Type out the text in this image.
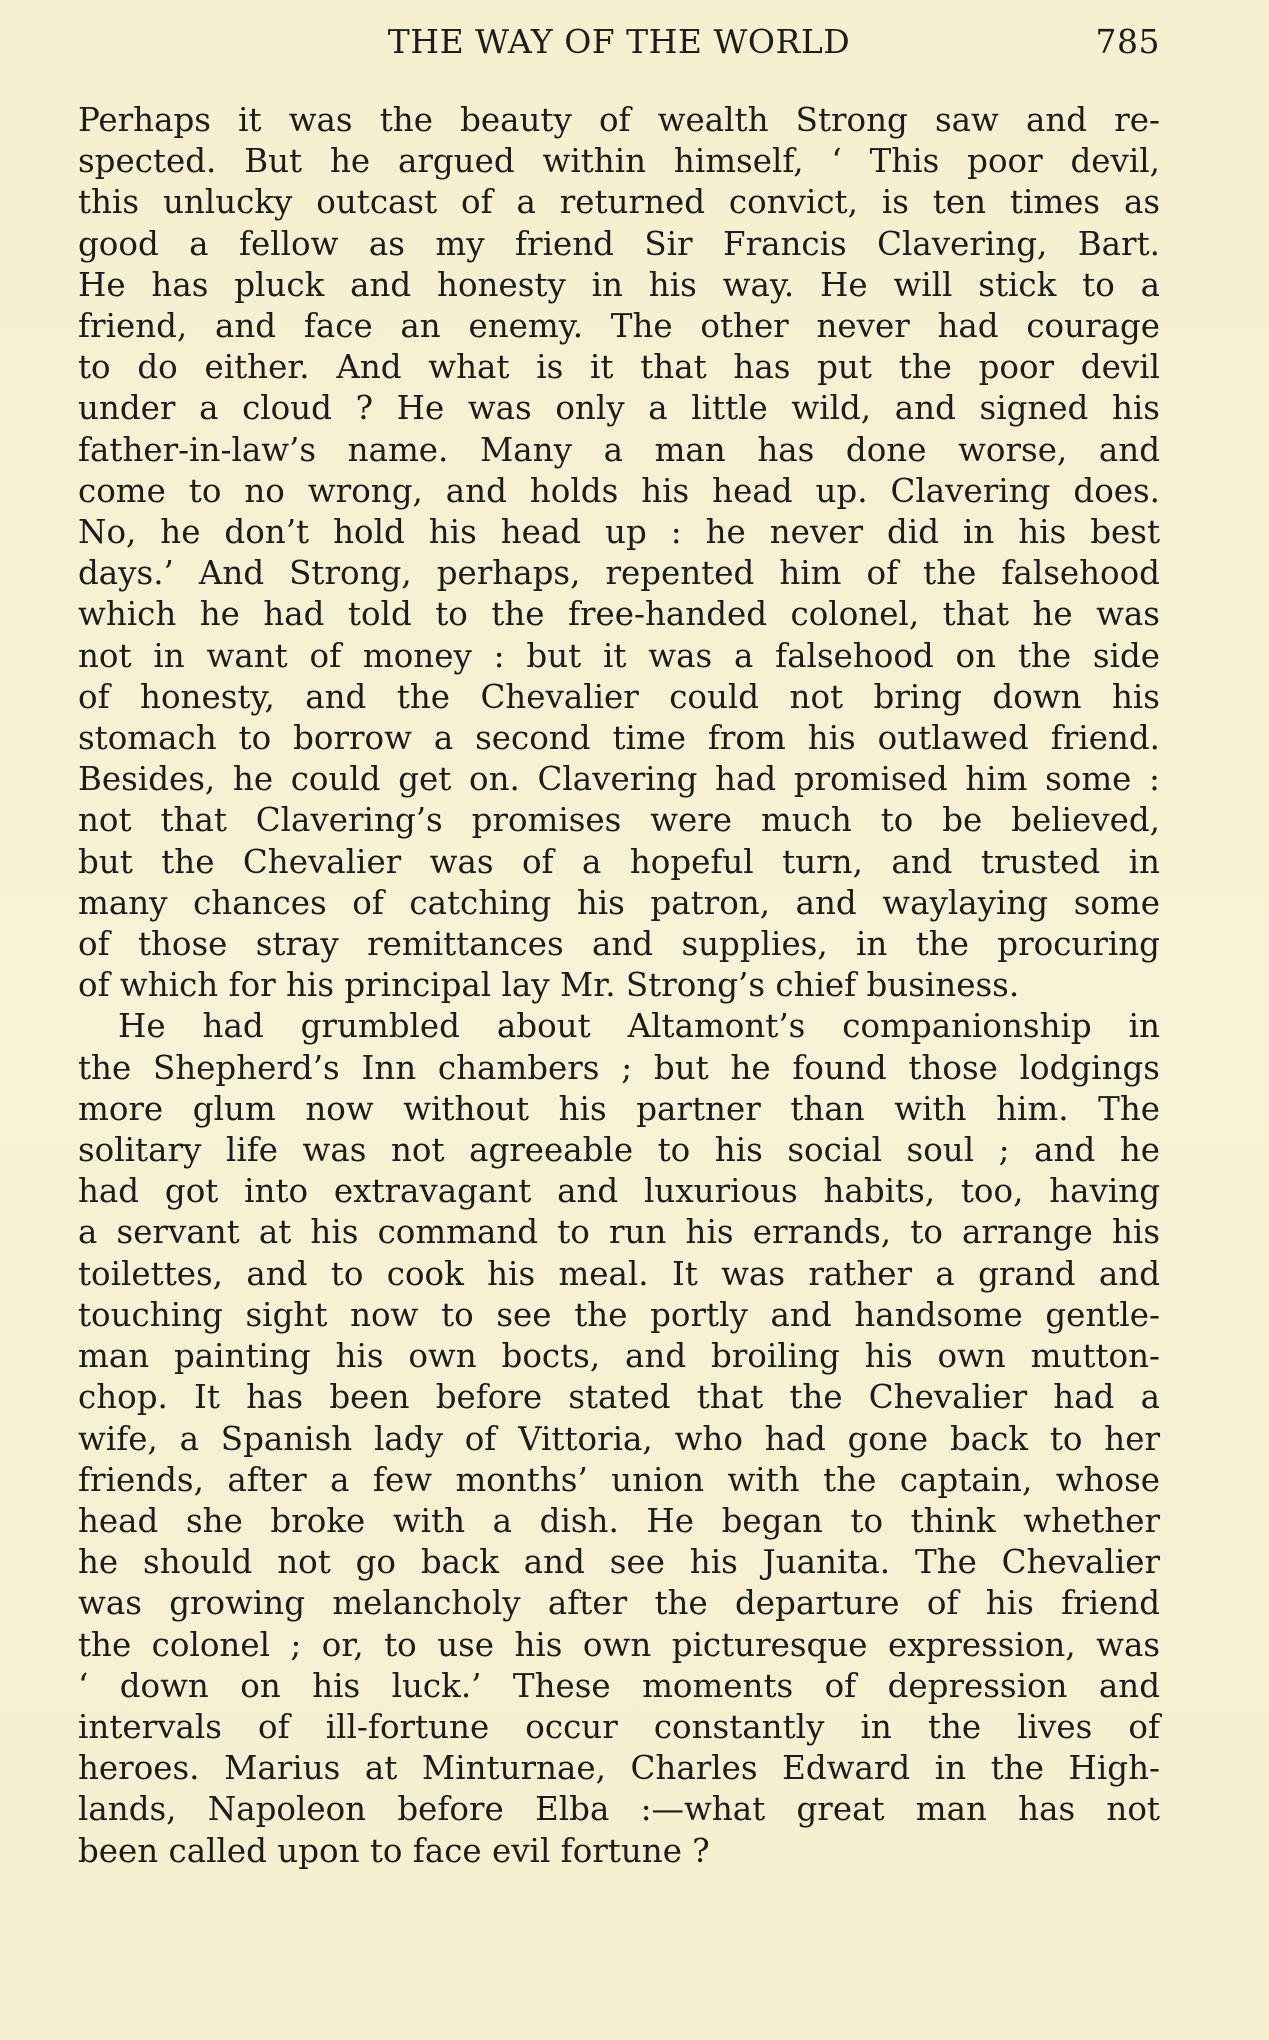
THE WAY OF THE WORLD	785
Perhaps it was the beauty of wealth Strong saw and re-
spected. But he argued within himself, ‘ This poor devil,
this unlucky outcast of a returned convict, is ten times as
good a fellow as my friend Sir Francis Clavering, Bart.
He has pluck and honesty in his way. He will stick to a
friend, and face an enemy. The other never had courage
to do either. And what is it that has put the poor devil
under a cloud ? He was only a little wild, and signed his
father-in-law’s name. Many a man has done worse, and
come to no wrong, and holds his head up. Clavering does.
No, he don’t hold his head up : he never did in his best
days.’ And Strong, perhaps, repented him of the falsehood
which he had told to the free-handed colonel, that he was
not in want of money : but it was a falsehood on the side
of honesty, and the Chevalier could not bring down his
stomach to borrow a second time from his outlawed friend.
Besides, he could get on. Clavering had promised him some :
not that Clavering’s promises were much to be believed,
but the Chevalier was of a hopeful turn, and trusted in
many chances of catching his patron, and waylaying some
of those stray remittances and supplies, in the procuring
of which for his principal lay Mr. Strong’s chief business.
He had grumbled about Altamont’s companionship in
the Shepherd’s Inn chambers ; but he found those lodgings
more glum now without his partner than with him. The
solitary life was not agreeable to his social soul ; and he
had got into extravagant and luxurious habits, too, having
a servant at his command to run his errands, to arrange his
toilettes, and to cook his meal. It was rather a grand and
touching sight now to see the portly and handsome gentle-
man painting his own bocts, and broiling his own mutton-
chop. It has been before stated that the Chevalier had a
wife, a Spanish lady of Vittoria, who had gone back to her
friends, after a few months’ union with the captain, whose
head she broke with a dish. He began to think whether
he should not go back and see his Juanita. The Chevalier
was growing melancholy after the departure of his friend
the colonel ; or, to use his own picturesque expression, was
‘ down on his luck.’ These moments of depression and
intervals of ill-fortune occur constantly in the lives of
heroes. Marius at Minturnae, Charles Edward in the High-
lands, Napoleon before Elba :—what great man has not
been called upon to face evil fortune ?
